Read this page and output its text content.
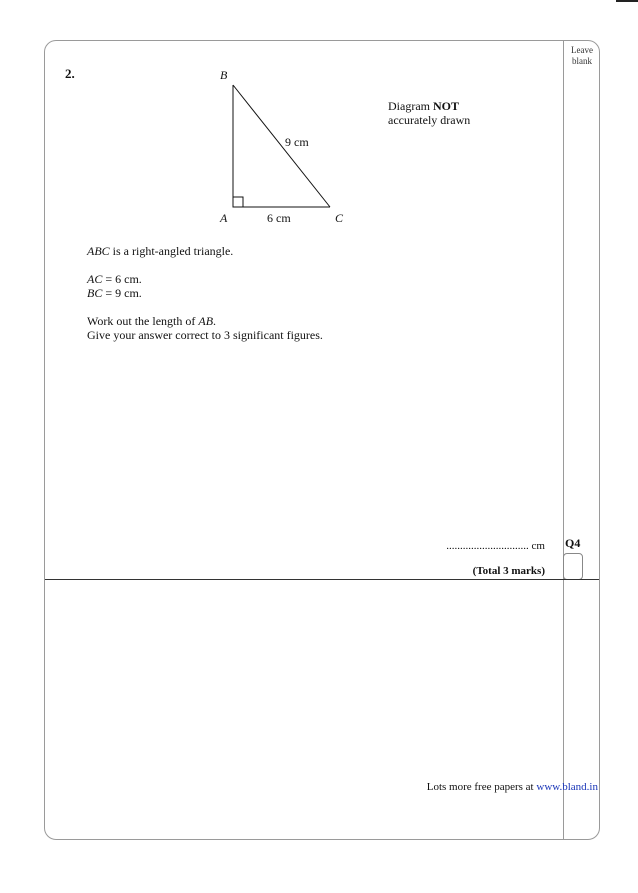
Leave
blank
2.	B
A	C
9 cm
6 cm
Diagram NOT
accurately drawn

ABC is a right-angled triangle.

AC = 6 cm.
BC = 9 cm.

Work out the length of AB.
Give your answer correct to 3 significant figures.

.............................. cm
(Total 3 marks)
Q4
Lots more free papers at www.bland.in
